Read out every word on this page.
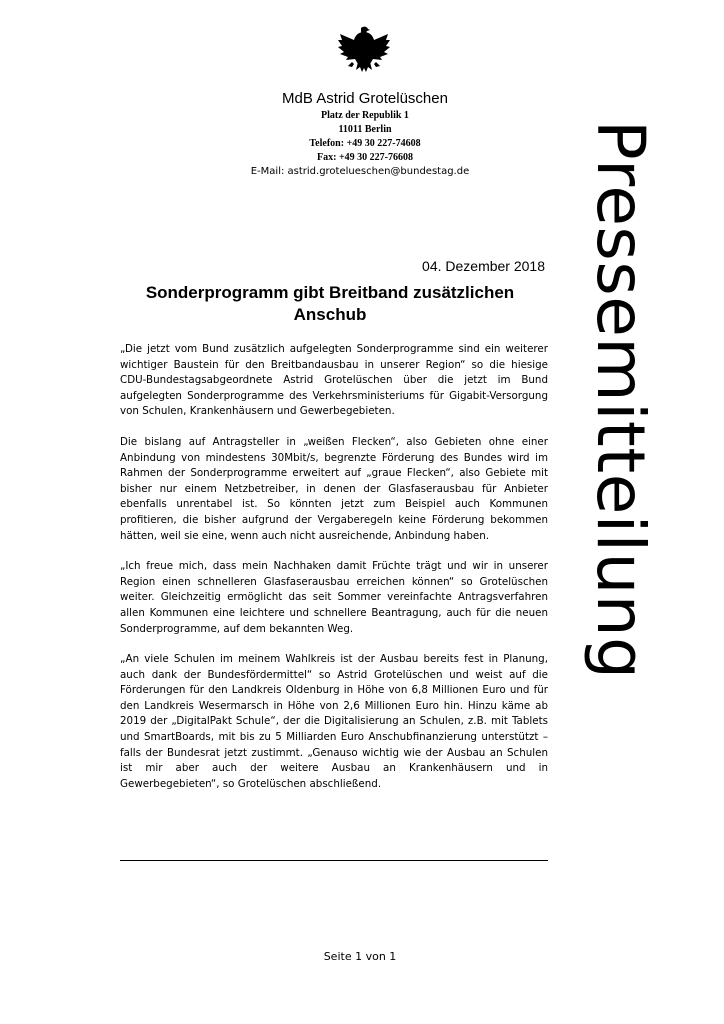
MdB Astrid Grotelüschen
Platz der Republik 1
11011 Berlin
Telefon: +49 30 227-74608
Fax: +49 30 227-76608
E-Mail: astrid.grotelueschen@bundestag.de	Pressemitteilung
04. Dezember 2018
Sonderprogramm gibt Breitband zusätzlichen Anschub

„Die jetzt vom Bund zusätzlich aufgelegten Sonderprogramme sind ein weiterer wichtiger Baustein für den Breitbandausbau in unserer Region“ so die hiesige CDU-Bundestagsabgeordnete Astrid Grotelüschen über die jetzt im Bund aufgelegten Sonderprogramme des Verkehrsministeriums für Gigabit-Versorgung von Schulen, Krankenhäusern und Gewerbegebieten.

Die bislang auf Antragsteller in „weißen Flecken“, also Gebieten ohne einer Anbindung von mindestens 30Mbit/s, begrenzte Förderung des Bundes wird im Rahmen der Sonderprogramme erweitert auf „graue Flecken“, also Gebiete mit bisher nur einem Netzbetreiber, in denen der Glasfaserausbau für Anbieter ebenfalls unrentabel ist. So könnten jetzt zum Beispiel auch Kommunen profitieren, die bisher aufgrund der Vergaberegeln keine Förderung bekommen hätten, weil sie eine, wenn auch nicht ausreichende, Anbindung haben.

„Ich freue mich, dass mein Nachhaken damit Früchte trägt und wir in unserer Region einen schnelleren Glasfaserausbau erreichen können“ so Grotelüschen weiter. Gleichzeitig ermöglicht das seit Sommer vereinfachte Antragsverfahren allen Kommunen eine leichtere und schnellere Beantragung, auch für die neuen Sonderprogramme, auf dem bekannten Weg.

„An viele Schulen im meinem Wahlkreis ist der Ausbau bereits fest in Planung, auch dank der Bundesfördermittel“ so Astrid Grotelüschen und weist auf die Förderungen für den Landkreis Oldenburg in Höhe von 6,8 Millionen Euro und für den Landkreis Wesermarsch in Höhe von 2,6 Millionen Euro hin. Hinzu käme ab 2019 der „DigitalPakt Schule“, der die Digitalisierung an Schulen, z.B. mit Tablets und SmartBoards, mit bis zu 5 Milliarden Euro Anschubfinanzierung unterstützt – falls der Bundesrat jetzt zustimmt. „Genauso wichtig wie der Ausbau an Schulen ist mir aber auch der weitere Ausbau an Krankenhäusern und in Gewerbegebieten“, so Grotelüschen abschließend.

Seite 1 von 1
